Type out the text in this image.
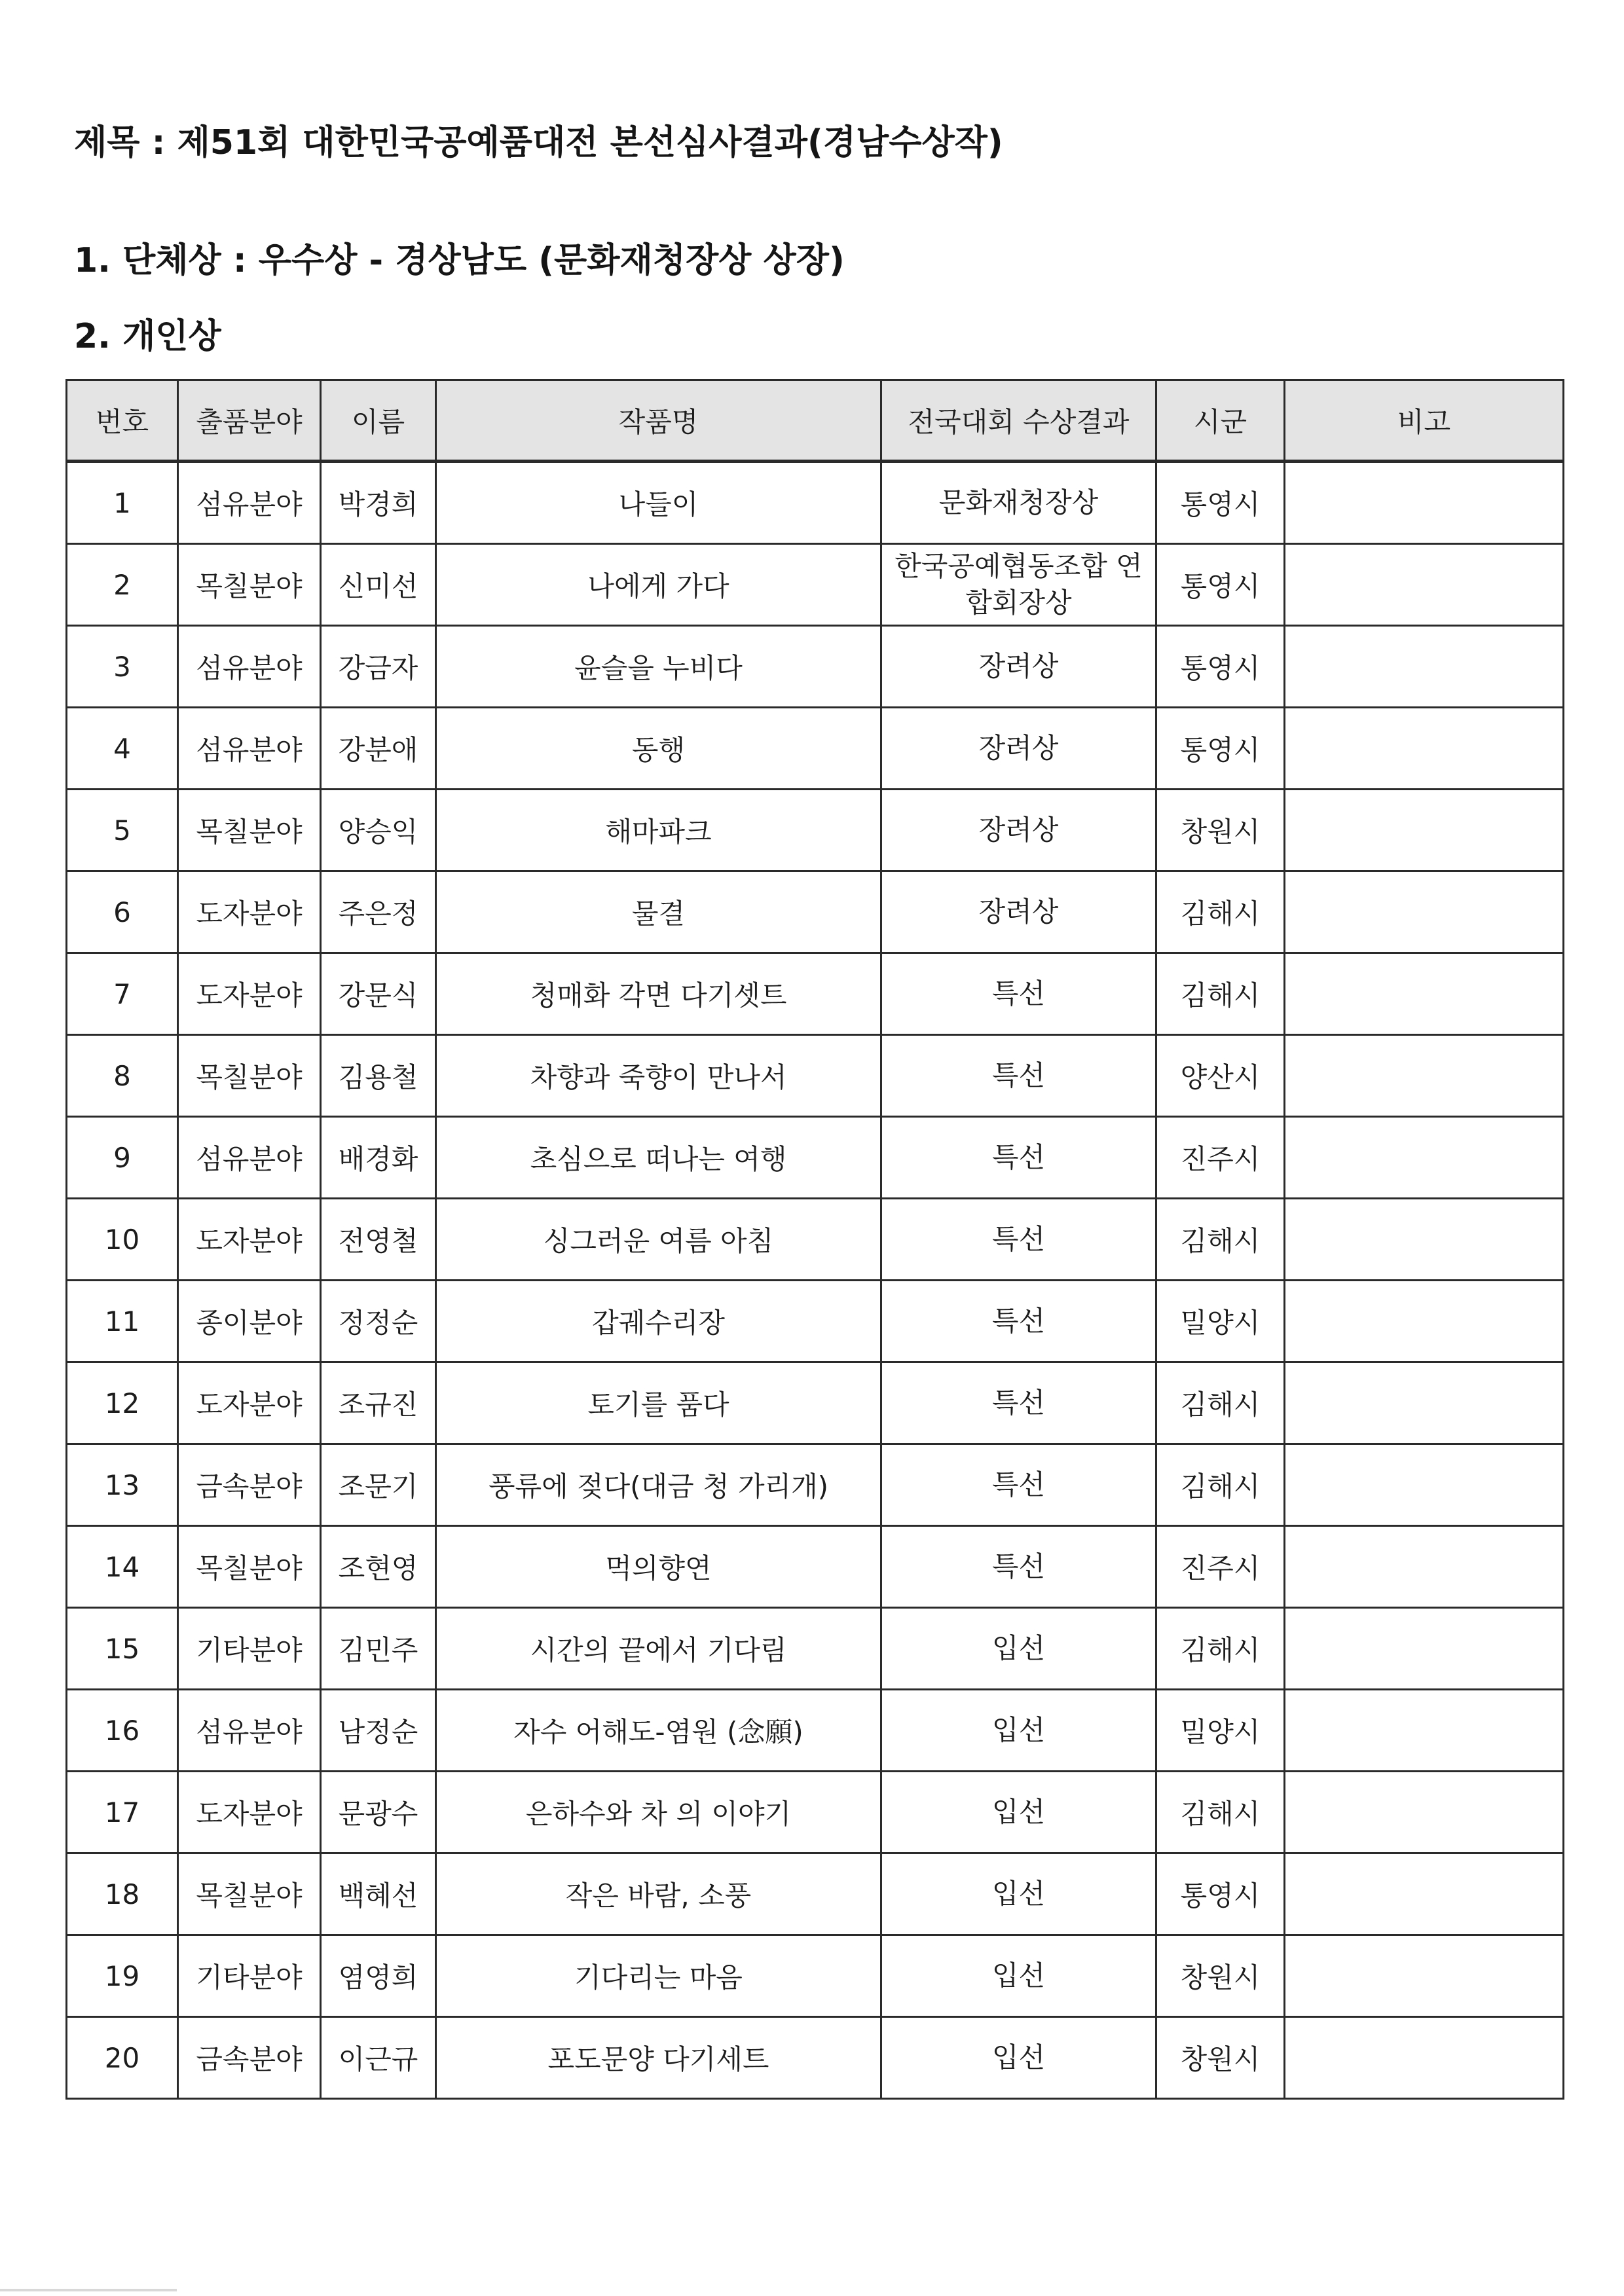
제목 : 제51회 대한민국공예품대전 본선심사결과(경남수상작)
1. 단체상 : 우수상 - 경상남도 (문화재청장상 상장)
2. 개인상
번호	출품분야	이름	작품명	전국대회 수상결과	시군	비고
1	섬유분야	박경희	나들이	문화재청장상	통영시	
2	목칠분야	신미선	나에게 가다	한국공예협동조합 연합회장상	통영시	
3	섬유분야	강금자	윤슬을 누비다	장려상	통영시	
4	섬유분야	강분애	동행	장려상	통영시	
5	목칠분야	양승익	해마파크	장려상	창원시	
6	도자분야	주은정	물결	장려상	김해시	
7	도자분야	강문식	청매화 각면 다기셋트	특선	김해시	
8	목칠분야	김용철	차향과 죽향이 만나서	특선	양산시	
9	섬유분야	배경화	초심으로 떠나는 여행	특선	진주시	
10	도자분야	전영철	싱그러운 여름 아침	특선	김해시	
11	종이분야	정정순	갑궤수리장	특선	밀양시	
12	도자분야	조규진	토기를 품다	특선	김해시	
13	금속분야	조문기	풍류에 젖다(대금 청 가리개)	특선	김해시	
14	목칠분야	조현영	먹의향연	특선	진주시	
15	기타분야	김민주	시간의 끝에서 기다림	입선	김해시	
16	섬유분야	남정순	자수 어해도-염원 (念願)	입선	밀양시	
17	도자분야	문광수	은하수와 차 의 이야기	입선	김해시	
18	목칠분야	백혜선	작은 바람, 소풍	입선	통영시	
19	기타분야	염영희	기다리는 마음	입선	창원시	
20	금속분야	이근규	포도문양 다기세트	입선	창원시	
